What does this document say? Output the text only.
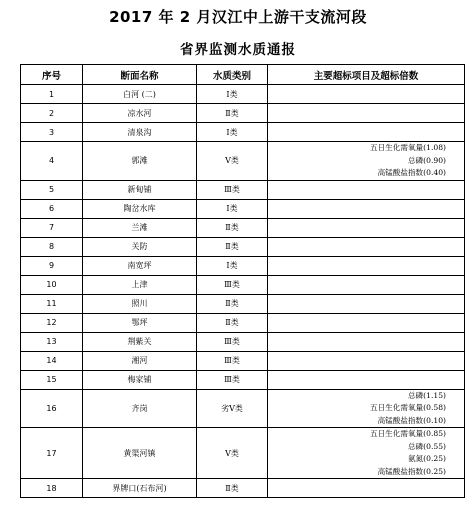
2017 年 2 月汉江中上游干支流河段
省界监测水质通报
序号	断面名称	水质类别	主要超标项目及超标倍数
1	白河 (二)	Ⅰ类	
2	凉水河	Ⅱ类	
3	清泉沟	Ⅰ类	
4	郭滩	Ⅴ类	五日生化需氧量(1.08)
总磷(0.90)
高锰酸盐指数(0.40)

5	新甸铺	Ⅲ类	
6	陶岔水库	Ⅰ类	
7	兰滩	Ⅱ类	
8	关防	Ⅱ类	
9	南宽坪	Ⅰ类	
10	上津	Ⅲ类	
11	照川	Ⅱ类	
12	鄂坪	Ⅱ类	
13	荆紫关	Ⅲ类	
14	湘河	Ⅲ类	
15	梅家铺	Ⅲ类	
16	齐岗	劣Ⅴ类	总磷(1.15)
五日生化需氧量(0.58)
高锰酸盐指数(0.10)

17	黄渠河镇	Ⅴ类	五日生化需氧量(0.85)
总磷(0.55)
氨氮(0.25)
高锰酸盐指数(0.25)

18	界牌口(石布河)	Ⅱ类	
